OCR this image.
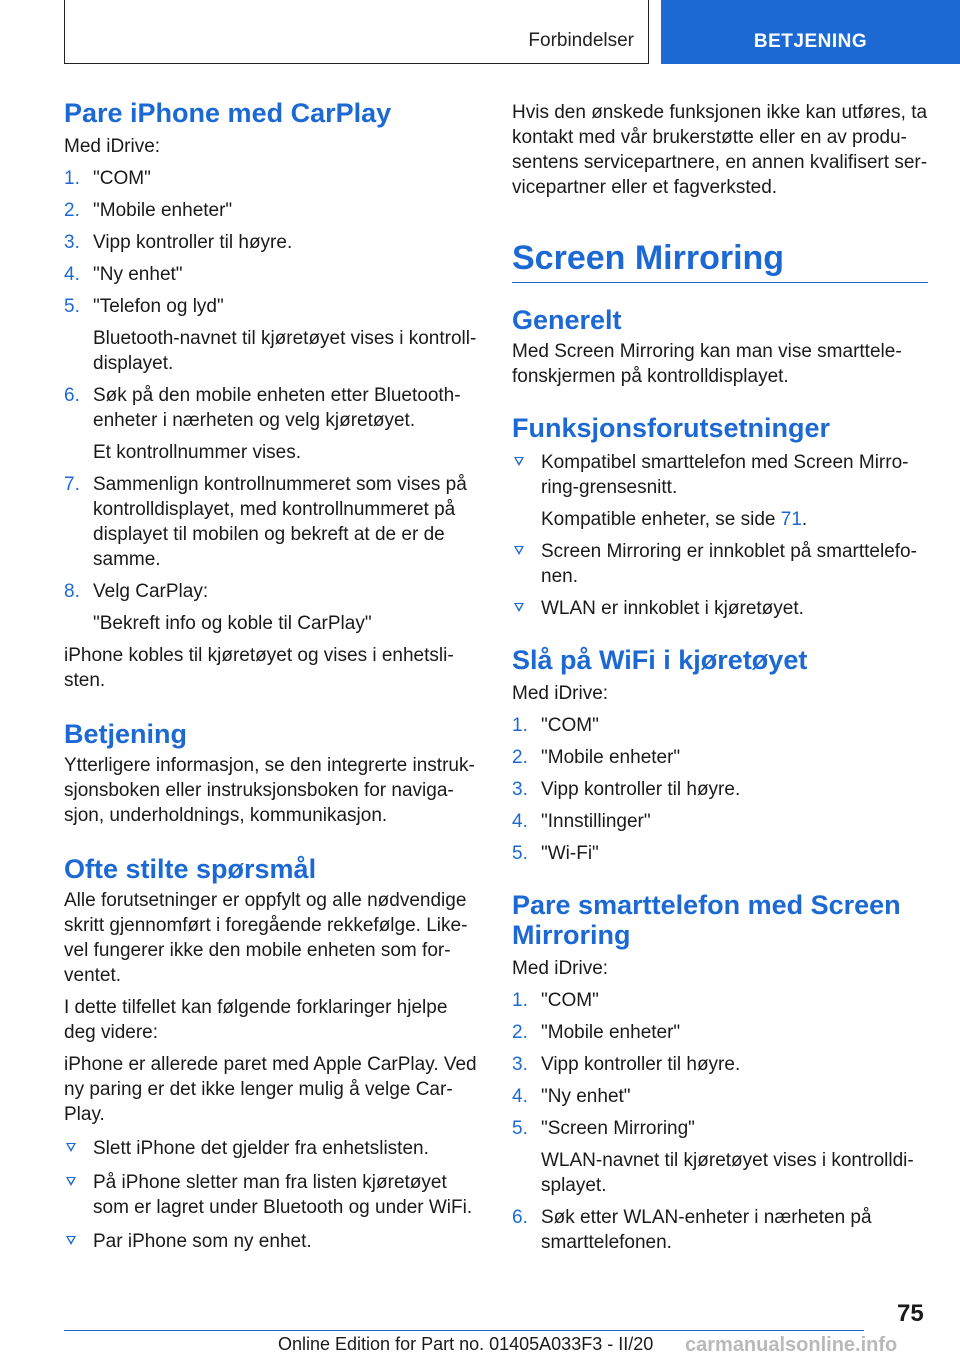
Forbindelser	BETJENING
Pare iPhone med CarPlay

Med iDrive:

1. "COM"
2. "Mobile enheter"
3. Vipp kontroller til høyre.
4. "Ny enhet"
5. "Telefon og lyd"

Bluetooth-navnet til kjøretøyet vises i kontrolldisplayet.

6. Søk på den mobile enheten etter Bluetooth-enheter i nærheten og velg kjøretøyet.

Et kontrollnummer vises.

7. Sammenlign kontrollnummeret som vises på kontrolldisplayet, med kontrollnummeret på displayet til mobilen og bekreft at de er de samme.
8. Velg CarPlay:

"Bekreft info og koble til CarPlay"

iPhone kobles til kjøretøyet og vises i enhetslisten.

Betjening

Ytterligere informasjon, se den integrerte instruksjonsboken eller instruksjonsboken for navigasjon, underholdnings, kommunikasjon.

Ofte stilte spørsmål

Alle forutsetninger er oppfylt og alle nødvendige skritt gjennomført i foregående rekkefølge. Likevel fungerer ikke den mobile enheten som forventet.

I dette tilfellet kan følgende forklaringer hjelpe deg videre:

iPhone er allerede paret med Apple CarPlay. Ved ny paring er det ikke lenger mulig å velge CarPlay.

Slett iPhone det gjelder fra enhetslisten.
På iPhone sletter man fra listen kjøretøyet som er lagret under Bluetooth og under WiFi.
Par iPhone som ny enhet.

Hvis den ønskede funksjonen ikke kan utføres, ta kontakt med vår brukerstøtte eller en av produsentens servicepartnere, en annen kvalifisert servicepartner eller et fagverksted.

Screen Mirroring
Generelt

Med Screen Mirroring kan man vise smarttelefonskjermen på kontrolldisplayet.

Funksjonsforutsetninger
Kompatibel smarttelefon med Screen Mirroring-grensesnitt.

Kompatible enheter, se side 71.

Screen Mirroring er innkoblet på smarttelefonen.
WLAN er innkoblet i kjøretøyet.
Slå på WiFi i kjøretøyet

Med iDrive:

1. "COM"
2. "Mobile enheter"
3. Vipp kontroller til høyre.
4. "Innstillinger"
5. "Wi-Fi"
Pare smarttelefon med Screen Mirroring

Med iDrive:

1. "COM"
2. "Mobile enheter"
3. Vipp kontroller til høyre.
4. "Ny enhet"
5. "Screen Mirroring"

WLAN-navnet til kjøretøyet vises i kontrolldisplayet.

6. Søk etter WLAN-enheter i nærheten på smarttelefonen.
75
Online Edition for Part no. 01405A033F3 - II/20 carmanualsonline.info
